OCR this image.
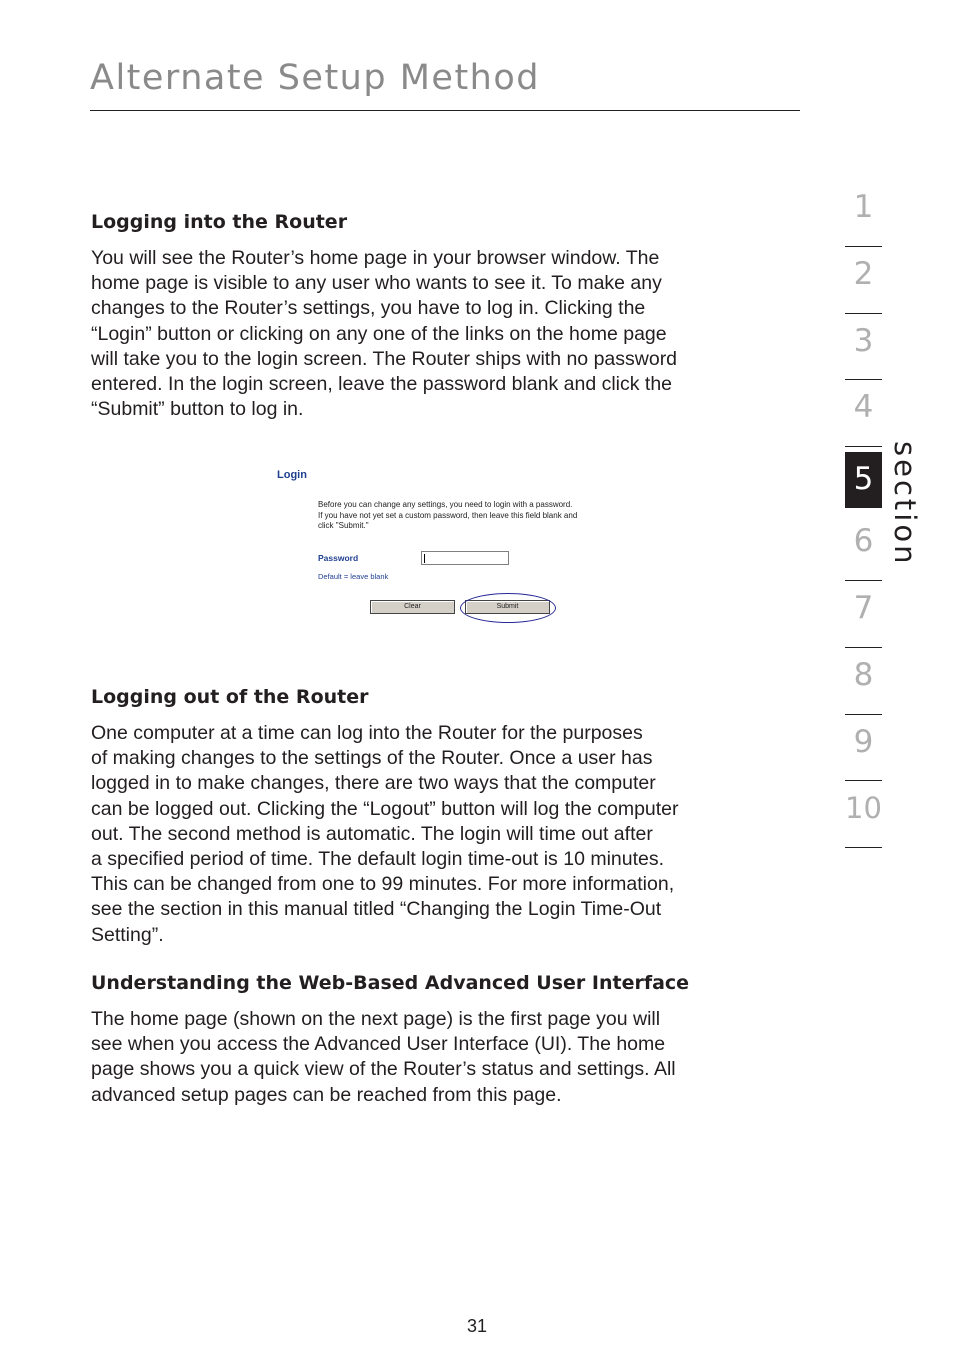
Alternate Setup Method
Logging into the Router
You will see the Router’s home page in your browser window. The
home page is visible to any user who wants to see it. To make any
changes to the Router’s settings, you have to log in. Clicking the
“Login” button or clicking on any one of the links on the home page
will take you to the login screen. The Router ships with no password
entered. In the login screen, leave the password blank and click the
“Submit” button to log in.
Login
Before you can change any settings, you need to login with a password.
If you have not yet set a custom password, then leave this field blank and
click "Submit."
Password
Default = leave blank
Clear	Submit
Logging out of the Router
One computer at a time can log into the Router for the purposes
of making changes to the settings of the Router. Once a user has
logged in to make changes, there are two ways that the computer
can be logged out. Clicking the “Logout” button will log the computer
out. The second method is automatic. The login will time out after
a specified period of time. The default login time-out is 10 minutes.
This can be changed from one to 99 minutes. For more information,
see the section in this manual titled “Changing the Login Time-Out
Setting”.
Understanding the Web-Based Advanced User Interface
The home page (shown on the next page) is the first page you will
see when you access the Advanced User Interface (UI). The home
page shows you a quick view of the Router’s status and settings. All
advanced setup pages can be reached from this page.
1
2
3
4
5
6
7
8
9
10
section
31
